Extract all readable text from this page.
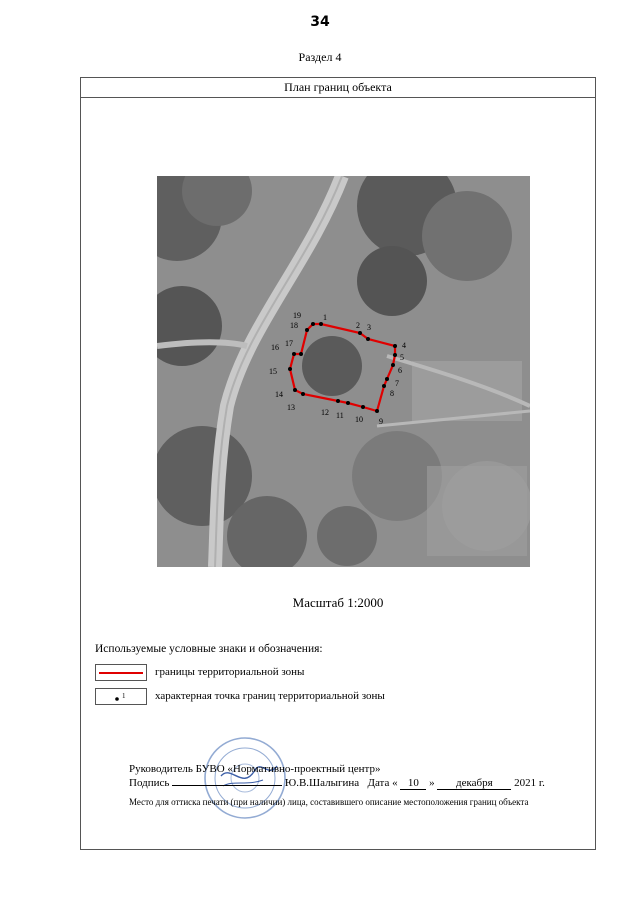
34
Раздел 4
План границ объекта
1
2 3
4
5
6
7
8
9
10
11
12
13
14
15
16 17
18
19
Масштаб 1:2000
Используемые условные знаки и обозначения:
границы территориальной зоны
1	характерная точка границ территориальной зоны
Руководитель БУВО «Нормативно-проектный центр»
Подпись	Ю.В.Шалыгина Дата « 10 » декабря 2021 г.
Место для оттиска печати (при наличии) лица, составившего описание местоположения границ объекта
